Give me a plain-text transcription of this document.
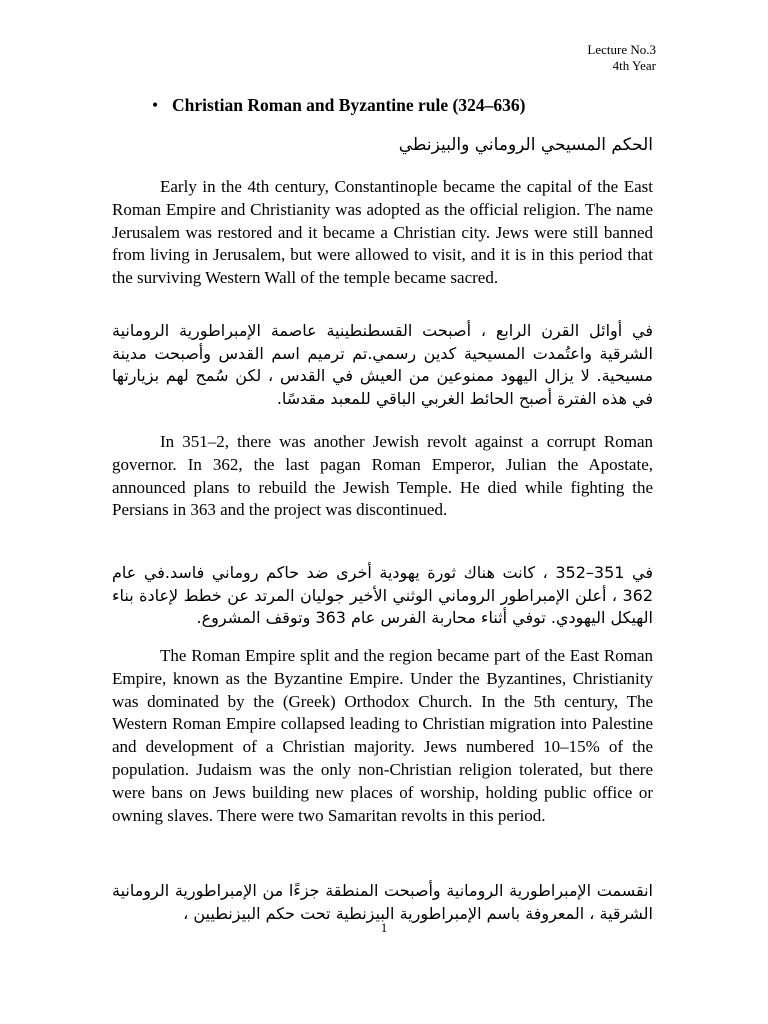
Lecture No.3
4th Year
• Christian Roman and Byzantine rule (324–636)
الحكم المسيحي الروماني والبيزنطي

Early in the 4th century, Constantinople became the capital of the East Roman Empire and Christianity was adopted as the official religion. The name Jerusalem was restored and it became a Christian city. Jews were still banned from living in Jerusalem, but were allowed to visit, and it is in this period that the surviving Western Wall of the temple became sacred.

في أوائل القرن الرابع ، أصبحت القسطنطينية عاصمة الإمبراطورية الرومانية الشرقية واعتُمدت المسيحية كدين رسمي.تم ترميم اسم القدس وأصبحت مدينة مسيحية. لا يزال اليهود ممنوعين من العيش في القدس ، لكن سُمح لهم بزيارتها في هذه الفترة أصبح الحائط الغربي الباقي للمعبد مقدسًا.

In 351–2, there was another Jewish revolt against a corrupt Roman governor. In 362, the last pagan Roman Emperor, Julian the Apostate, announced plans to rebuild the Jewish Temple. He died while fighting the Persians in 363 and the project was discontinued.

في 351–352 ، كانت هناك ثورة يهودية أخرى ضد حاكم روماني فاسد.في عام 362 ، أعلن الإمبراطور الروماني الوثني الأخير جوليان المرتد عن خطط لإعادة بناء الهيكل اليهودي. توفي أثناء محاربة الفرس عام 363 وتوقف المشروع.

The Roman Empire split and the region became part of the East Roman Empire, known as the Byzantine Empire. Under the Byzantines, Christianity was dominated by the (Greek) Orthodox Church. In the 5th century, The Western Roman Empire collapsed leading to Christian migration into Palestine and development of a Christian majority. Jews numbered 10–15% of the population. Judaism was the only non-Christian religion tolerated, but there were bans on Jews building new places of worship, holding public office or owning slaves. There were two Samaritan revolts in this period.

انقسمت الإمبراطورية الرومانية وأصبحت المنطقة جزءًا من الإمبراطورية الرومانية الشرقية ، المعروفة باسم الإمبراطورية البيزنطية تحت حكم البيزنطيين ،
1
